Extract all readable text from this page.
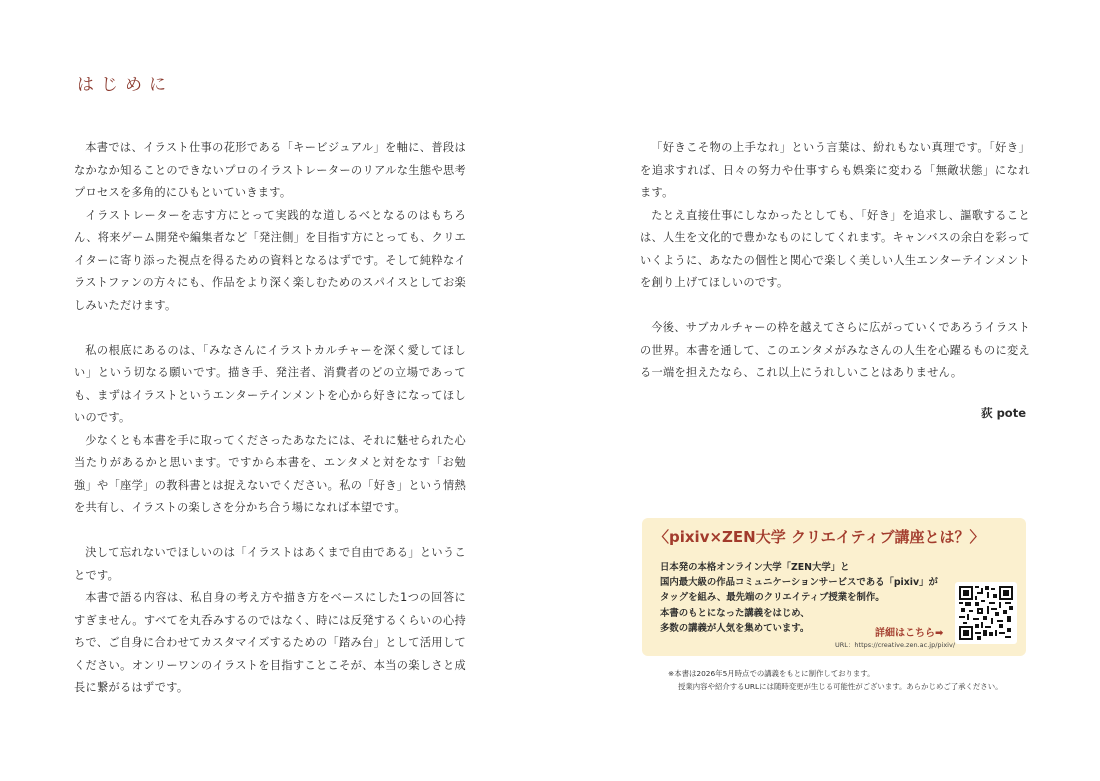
はじめに

本書では、イラスト仕事の花形である「キービジュアル」を軸に、普段はなかなか知ることのできないプロのイラストレーターのリアルな生態や思考プロセスを多角的にひもといていきます。

イラストレーターを志す方にとって実践的な道しるべとなるのはもちろん、将来ゲーム開発や編集者など「発注側」を目指す方にとっても、クリエイターに寄り添った視点を得るための資料となるはずです。そして純粋なイラストファンの方々にも、作品をより深く楽しむためのスパイスとしてお楽しみいただけます。

私の根底にあるのは、「みなさんにイラストカルチャーを深く愛してほしい」という切なる願いです。描き手、発注者、消費者のどの立場であっても、まずはイラストというエンターテインメントを心から好きになってほしいのです。

少なくとも本書を手に取ってくださったあなたには、それに魅せられた心当たりがあるかと思います。ですから本書を、エンタメと対をなす「お勉強」や「座学」の教科書とは捉えないでください。私の「好き」という情熱を共有し、イラストの楽しさを分かち合う場になれば本望です。

決して忘れないでほしいのは「イラストはあくまで自由である」ということです。

本書で語る内容は、私自身の考え方や描き方をベースにした1つの回答にすぎません。すべてを丸呑みするのではなく、時には反発するくらいの心持ちで、ご自身に合わせてカスタマイズするための「踏み台」として活用してください。オンリーワンのイラストを目指すことこそが、本当の楽しさと成長に繋がるはずです。

「好きこそ物の上手なれ」という言葉は、紛れもない真理です。「好き」を追求すれば、日々の努力や仕事すらも娯楽に変わる「無敵状態」になれます。

たとえ直接仕事にしなかったとしても、「好き」を追求し、謳歌することは、人生を文化的で豊かなものにしてくれます。キャンバスの余白を彩っていくように、あなたの個性と関心で楽しく美しい人生エンターテインメントを創り上げてほしいのです。

今後、サブカルチャーの枠を越えてさらに広がっていくであろうイラストの世界。本書を通して、このエンタメがみなさんの人生を心躍るものに変える一端を担えたなら、これ以上にうれしいことはありません。

荻 pote
〈pixiv×ZEN大学 クリエイティブ講座とは？〉
日本発の本格オンライン大学「ZEN大学」と
国内最大級の作品コミュニケーションサービスである「pixiv」が
タッグを組み、最先端のクリエイティブ授業を制作。
本書のもとになった講義をはじめ、
多数の講義が人気を集めています。	詳細はこちら➡
URL：https://creative.zen.ac.jp/pixiv/
※本書は2026年5月時点での講義をもとに制作しております。
授業内容や紹介するURLには随時変更が生じる可能性がございます。あらかじめご了承ください。
